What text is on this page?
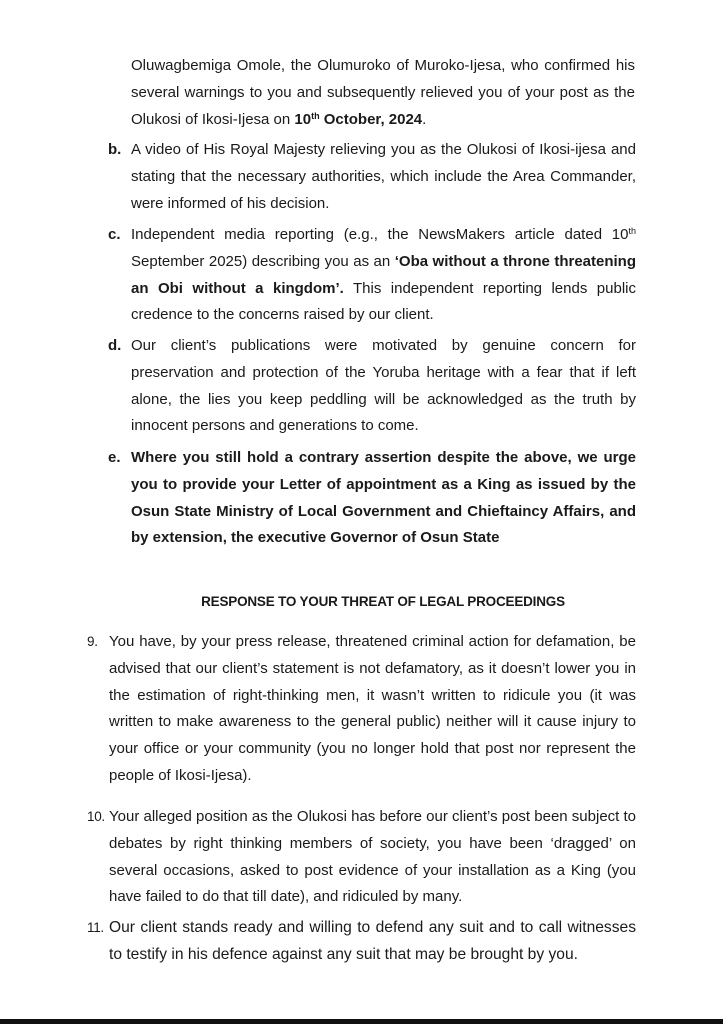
Oluwagbemiga Omole, the Olumuroko of Muroko-Ijesa, who confirmed his several warnings to you and subsequently relieved you of your post as the Olukosi of Ikosi-Ijesa on 10th October, 2024.

b. A video of His Royal Majesty relieving you as the Olukosi of Ikosi-ijesa and stating that the necessary authorities, which include the Area Commander, were informed of his decision.

c. Independent media reporting (e.g., the NewsMakers article dated 10th September 2025) describing you as an ‘Oba without a throne threatening an Obi without a kingdom’. This independent reporting lends public credence to the concerns raised by our client.

d. Our client’s publications were motivated by genuine concern for preservation and protection of the Yoruba heritage with a fear that if left alone, the lies you keep peddling will be acknowledged as the truth by innocent persons and generations to come.

e. Where you still hold a contrary assertion despite the above, we urge you to provide your Letter of appointment as a King as issued by the Osun State Ministry of Local Government and Chieftaincy Affairs, and by extension, the executive Governor of Osun State

RESPONSE TO YOUR THREAT OF LEGAL PROCEEDINGS
9. You have, by your press release, threatened criminal action for defamation, be advised that our client’s statement is not defamatory, as it doesn’t lower you in the estimation of right-thinking men, it wasn’t written to ridicule you (it was written to make awareness to the general public) neither will it cause injury to your office or your community (you no longer hold that post nor represent the people of Ikosi-Ijesa).

10. Your alleged position as the Olukosi has before our client’s post been subject to debates by right thinking members of society, you have been ‘dragged’ on several occasions, asked to post evidence of your installation as a King (you have failed to do that till date), and ridiculed by many.

11. Our client stands ready and willing to defend any suit and to call witnesses to testify in his defence against any suit that may be brought by you.
